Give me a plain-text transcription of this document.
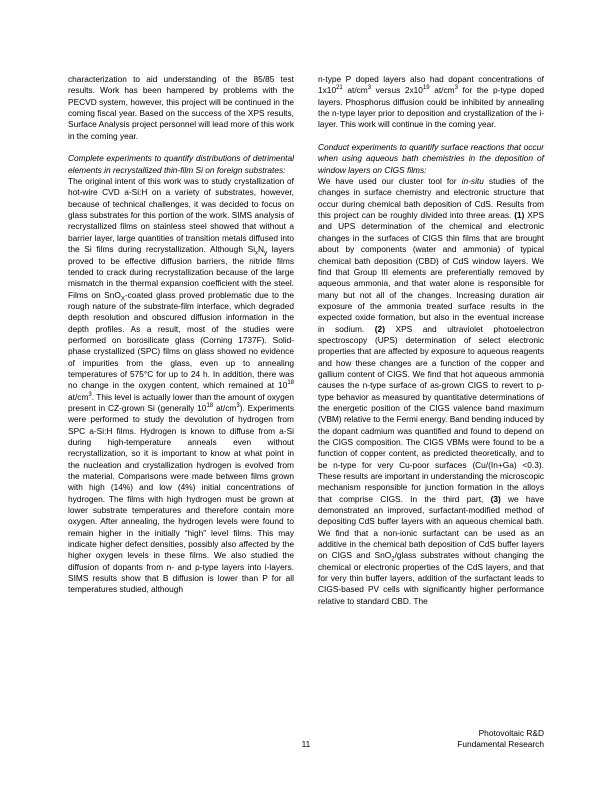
characterization to aid understanding of the 85/85 test results. Work has been hampered by problems with the PECVD system, however, this project will be continued in the coming fiscal year. Based on the success of the XPS results, Surface Analysis project personnel will lead more of this work in the coming year.

Complete experiments to quantify distributions of detrimental elements in recrystallized thin-film Si on foreign substrates:

The original intent of this work was to study crystallization of hot-wire CVD a-Si:H on a variety of substrates, however, because of technical challenges, it was decided to focus on glass substrates for this portion of the work. SIMS analysis of recrystallized films on stainless steel showed that without a barrier layer, large quantities of transition metals diffused into the Si films during recrystallization. Although $Si_xN_y$ layers proved to be effective diffusion barriers, the nitride films tended to crack during recrystallization because of the large mismatch in the thermal expansion coefficient with the steel. Films on SnO$_X$-coated glass proved problematic due to the rough nature of the substrate-film interface, which degraded depth resolution and obscured diffusion information in the depth profiles. As a result, most of the studies were performed on borosilicate glass (Corning 1737F). Solid-phase crystallized (SPC) films on glass showed no evidence of impurities from the glass, even up to annealing temperatures of 575°C for up to 24 h. In addition, there was no change in the oxygen content, which remained at $10^{18}$ $at/cm^3$. This level is actually lower than the amount of oxygen present in CZ-grown Si (generally $10^{18}$ $at/cm^3$). Experiments were performed to study the devolution of hydrogen from SPC a-Si:H films. Hydrogen is known to diffuse from a-Si during high-temperature anneals even without recrystallization, so it is important to know at what point in the nucleation and crystallization hydrogen is evolved from the material. Comparisons were made between films grown with high (14%) and low (4%) initial concentrations of hydrogen. The films with high hydrogen must be grown at lower substrate temperatures and therefore contain more oxygen. After annealing, the hydrogen levels were found to remain higher in the initially “high” level films. This may indicate higher defect densities, possibly also affected by the higher oxygen levels in these films. We also studied the diffusion of dopants from n- and p-type layers into i-layers. SIMS results show that B diffusion is lower than P for all temperatures studied, although

n-type P doped layers also had dopant concentrations of $1x10^{21}$ $at/cm^3$ versus $2x10^{19}$ $at/cm^3$ for the p-type doped layers. Phosphorus diffusion could be inhibited by annealing the n-type layer prior to deposition and crystallization of the i-layer. This work will continue in the coming year.

Conduct experiments to quantify surface reactions that occur when using aqueous bath chemistries in the deposition of window layers on CIGS films:

We have used our cluster tool for in-situ studies of the changes in surface chemistry and electronic structure that occur during chemical bath deposition of CdS. Results from this project can be roughly divided into three areas. (1) XPS and UPS determination of the chemical and electronic changes in the surfaces of CIGS thin films that are brought about by components (water and ammonia) of typical chemical bath deposition (CBD) of CdS window layers. We find that Group III elements are preferentially removed by aqueous ammonia, and that water alone is responsible for many but not all of the changes. Increasing duration air exposure of the ammonia treated surface results in the expected oxide formation, but also in the eventual increase in sodium. (2) XPS and ultraviolet photoelectron spectroscopy (UPS) determination of select electronic properties that are affected by exposure to aqueous reagents and how these changes are a function of the copper and gallium content of CIGS. We find that hot aqueous ammonia causes the n-type surface of as-grown CIGS to revert to p-type behavior as measured by quantitative determinations of the energetic position of the CIGS valence band maximum (VBM) relative to the Fermi energy. Band bending induced by the dopant cadmium was quantified and found to depend on the CIGS composition. The CIGS VBMs were found to be a function of copper content, as predicted theoretically, and to be n-type for very Cu-poor surfaces (Cu/(In+Ga) <0.3). These results are important in understanding the microscopic mechanism responsible for junction formation in the alloys that comprise CIGS. In the third part, (3) we have demonstrated an improved, surfactant-modified method of depositing CdS buffer layers with an aqueous chemical bath. We find that a non-ionic surfactant can be used as an additive in the chemical bath deposition of CdS buffer layers on CIGS and SnO$_2$/glass substrates without changing the chemical or electronic properties of the CdS layers, and that for very thin buffer layers, addition of the surfactant leads to CIGS-based PV cells with significantly higher performance relative to standard CBD. The

11
Photovoltaic R&D
Fundamental Research
